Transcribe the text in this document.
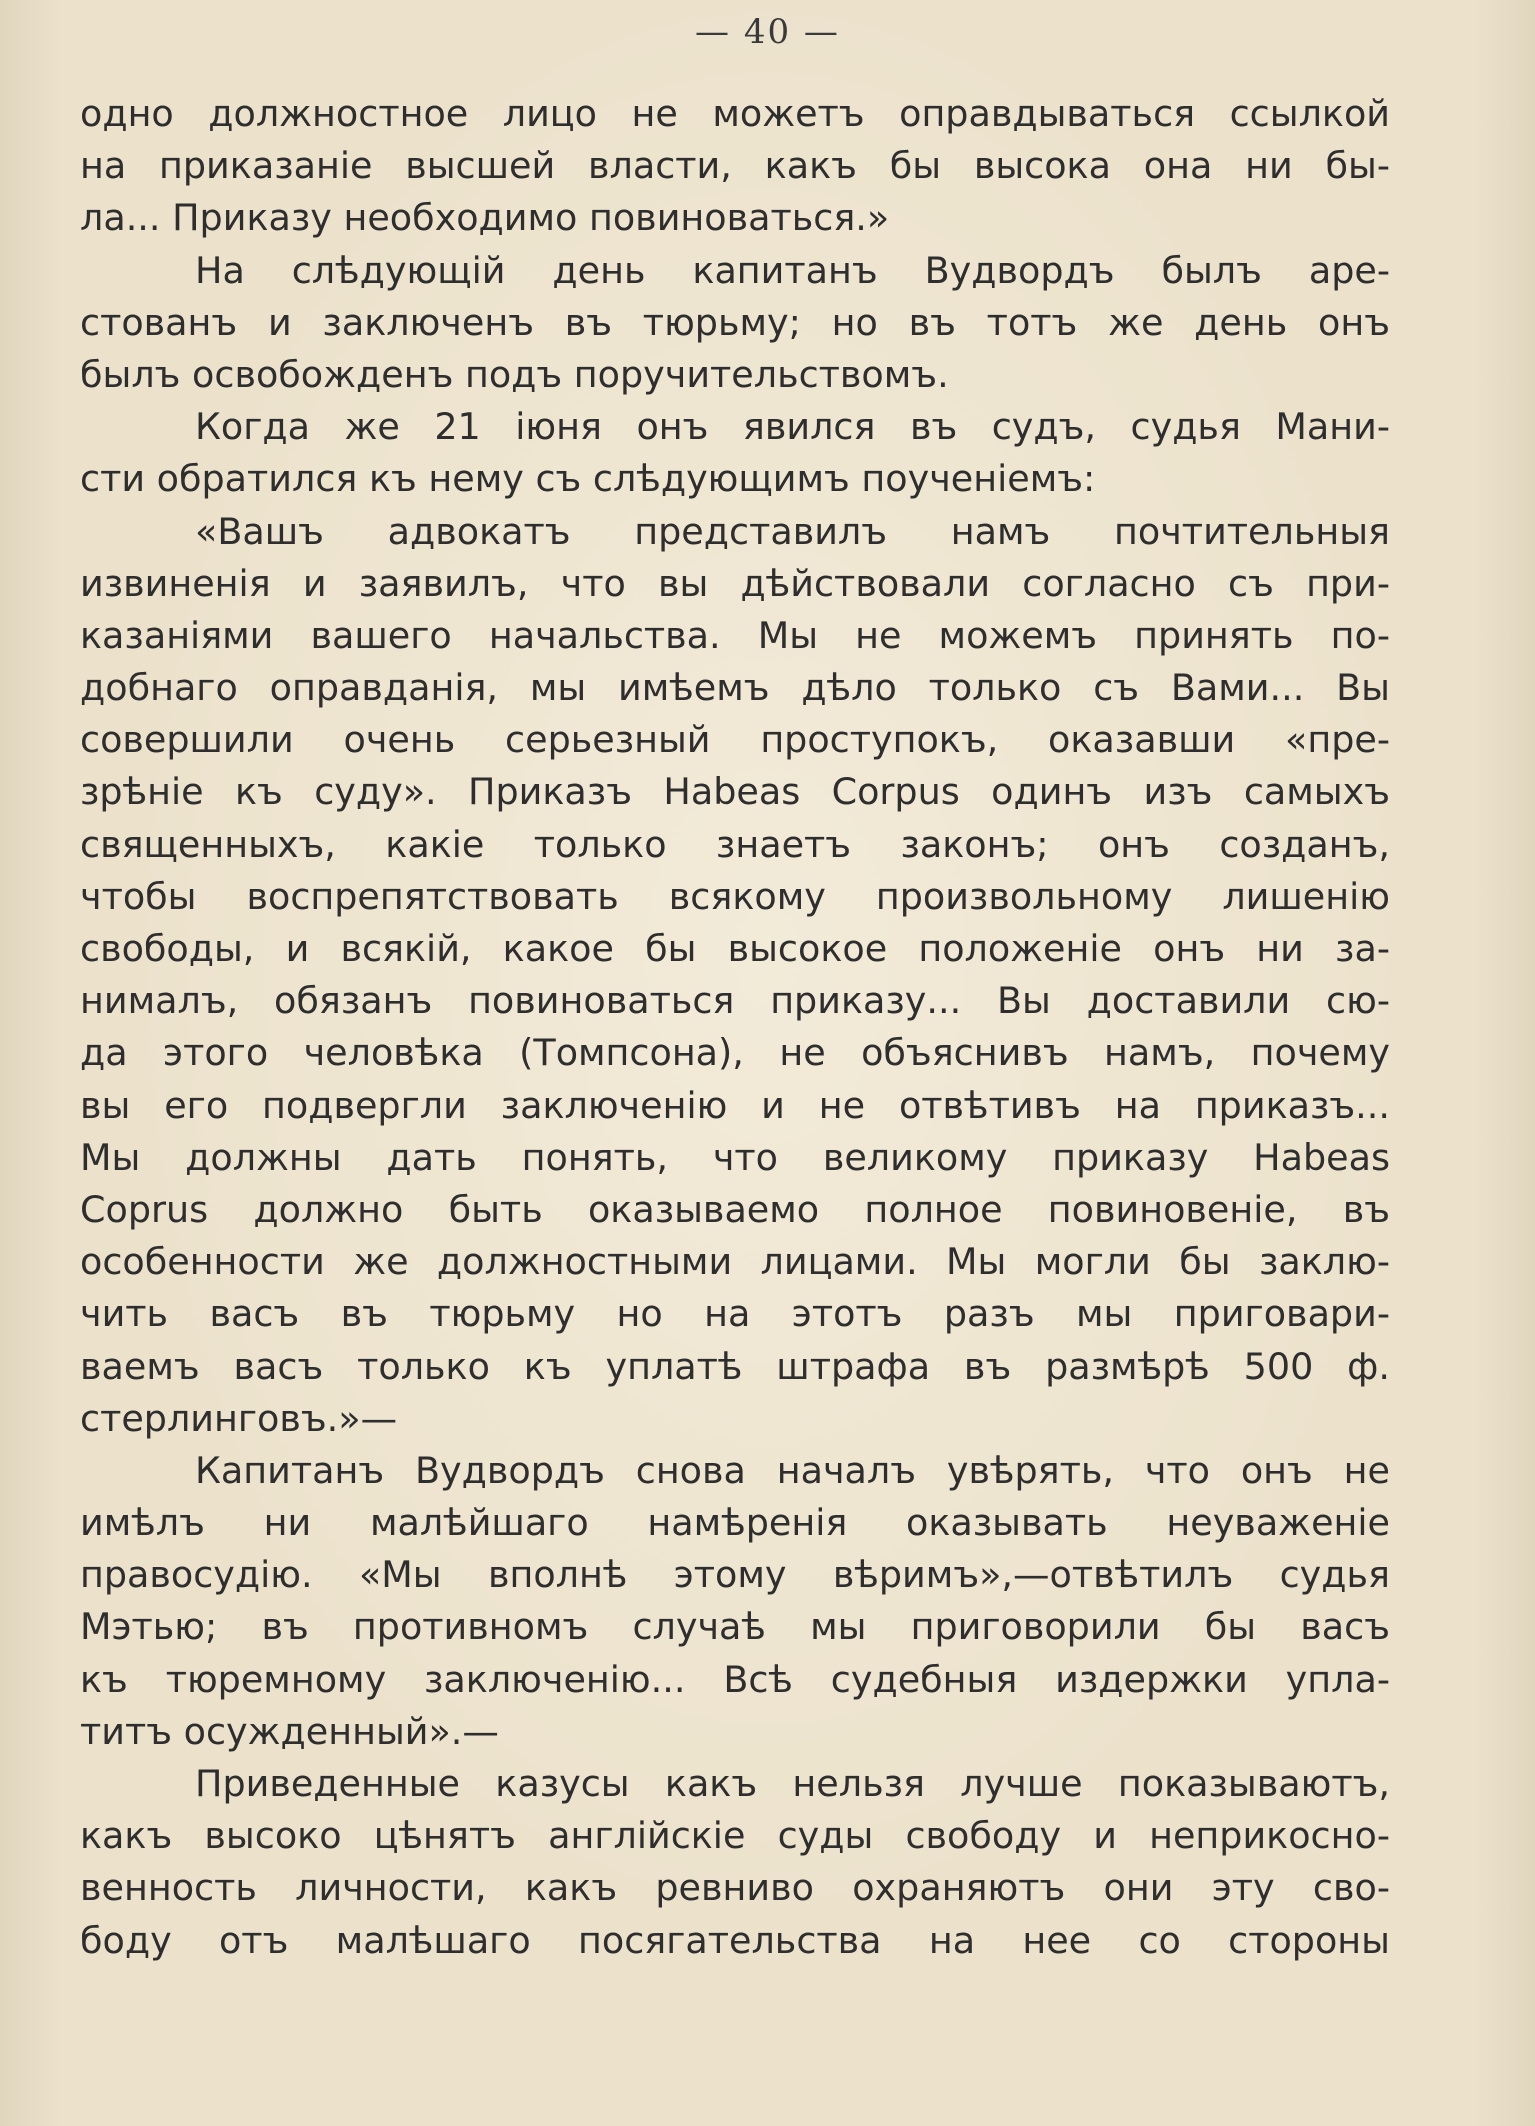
— 40 —
одно должностное лицо не можетъ оправдываться ссылкой
на приказаніе высшей власти, какъ бы высока она ни бы-
ла... Приказу необходимо повиноваться.»
На слѣдующій день капитанъ Вудвордъ былъ аре-
стованъ и заключенъ въ тюрьму; но въ тотъ же день онъ
былъ освобожденъ подъ поручительствомъ.
Когда же 21 іюня онъ явился въ судъ, судья Мани-
сти обратился къ нему съ слѣдующимъ поученіемъ:
«Вашъ адвокатъ представилъ намъ почтительныя
извиненія и заявилъ, что вы дѣйствовали согласно съ при-
казаніями вашего начальства. Мы не можемъ принять по-
добнаго оправданія, мы имѣемъ дѣло только съ Вами... Вы
совершили очень серьезный проступокъ, оказавши «пре-
зрѣніе къ суду». Приказъ Habeas Corpus одинъ изъ самыхъ
священныхъ, какіе только знаетъ законъ; онъ созданъ,
чтобы воспрепятствовать всякому произвольному лишенію
свободы, и всякій, какое бы высокое положеніе онъ ни за-
нималъ, обязанъ повиноваться приказу... Вы доставили сю-
да этого человѣка (Томпсона), не объяснивъ намъ, почему
вы его подвергли заключенію и не отвѣтивъ на приказъ...
Мы должны дать понять, что великому приказу Habeas
Coprus должно быть оказываемо полное повиновеніе, въ
особенности же должностными лицами. Мы могли бы заклю-
чить васъ въ тюрьму но на этотъ разъ мы приговари-
ваемъ васъ только къ уплатѣ штрафа въ размѣрѣ 500 ф.
стерлинговъ.»—
Капитанъ Вудвордъ снова началъ увѣрять, что онъ не
имѣлъ ни малѣйшаго намѣренія оказывать неуваженіе
правосудію. «Мы вполнѣ этому вѣримъ»,—отвѣтилъ судья
Мэтью; въ противномъ случаѣ мы приговорили бы васъ
къ тюремному заключенію... Всѣ судебныя издержки упла-
титъ осужденный».—
Приведенные казусы какъ нельзя лучше показываютъ,
какъ высоко цѣнятъ англійскіе суды свободу и неприкосно-
венность личности, какъ ревниво охраняютъ они эту сво-
боду отъ малѣшаго посягательства на нее со стороны
